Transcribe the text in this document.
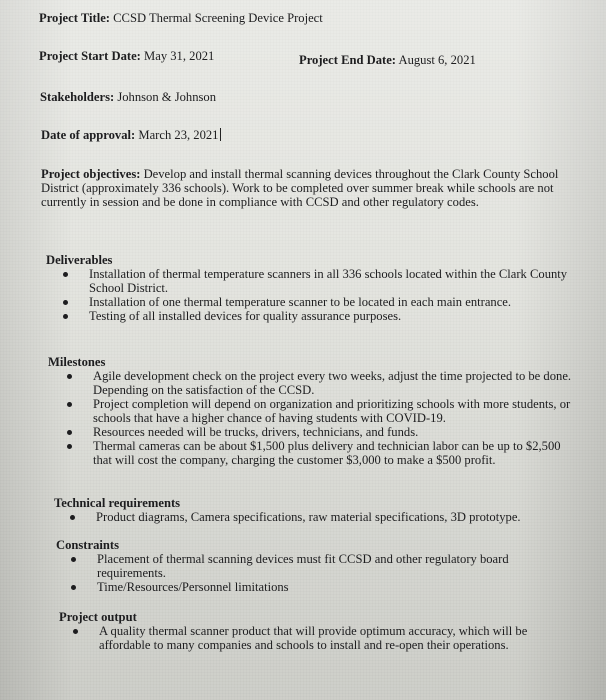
Project Title: CCSD Thermal Screening Device Project
Project Start Date: May 31, 2021	Project End Date: August 6, 2021
Stakeholders: Johnson & Johnson
Date of approval: March 23, 2021
Project objectives: Develop and install thermal scanning devices throughout the Clark County School District (approximately 336 schools). Work to be completed over summer break while schools are not currently in session and be done in compliance with CCSD and other regulatory codes.
Deliverables
Installation of thermal temperature scanners in all 336 schools located within the Clark County School District.
Installation of one thermal temperature scanner to be located in each main entrance.
Testing of all installed devices for quality assurance purposes.
Milestones
Agile development check on the project every two weeks, adjust the time projected to be done. Depending on the satisfaction of the CCSD.
Project completion will depend on organization and prioritizing schools with more students, or schools that have a higher chance of having students with COVID-19.
Resources needed will be trucks, drivers, technicians, and funds.
Thermal cameras can be about $1,500 plus delivery and technician labor can be up to $2,500 that will cost the company, charging the customer $3,000 to make a $500 profit.
Technical requirements
Product diagrams, Camera specifications, raw material specifications, 3D prototype.
Constraints
Placement of thermal scanning devices must fit CCSD and other regulatory board requirements.
Time/Resources/Personnel limitations
Project output
A quality thermal scanner product that will provide optimum accuracy, which will be affordable to many companies and schools to install and re-open their operations.
